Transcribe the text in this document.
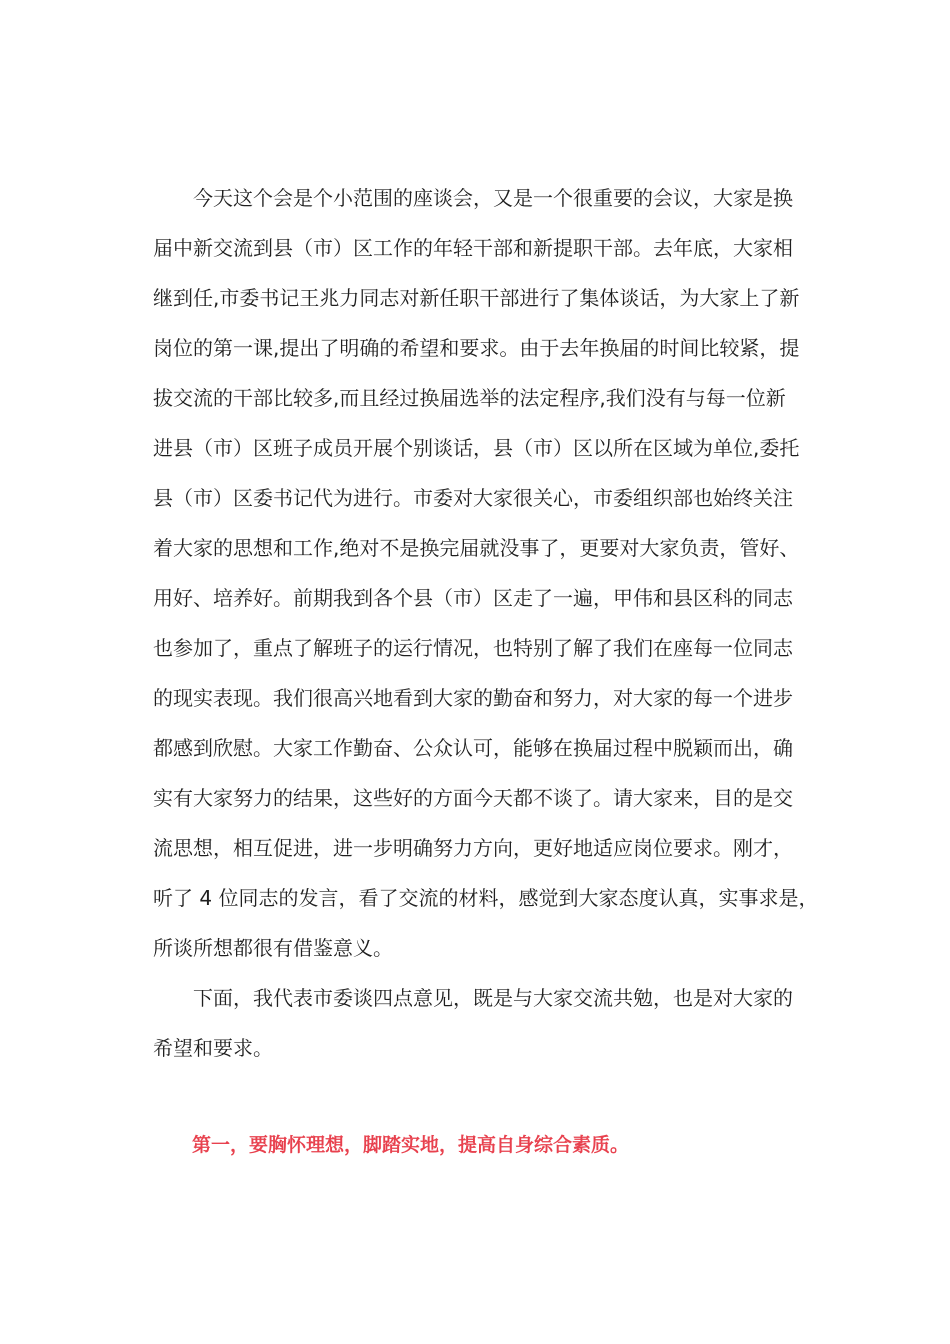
今天这个会是个小范围的座谈会，又是一个很重要的会议，大家是换
届中新交流到县（市）区工作的年轻干部和新提职干部。去年底，大家相
继到任,市委书记王兆力同志对新任职干部进行了集体谈话，为大家上了新
岗位的第一课,提出了明确的希望和要求。由于去年换届的时间比较紧，提
拔交流的干部比较多,而且经过换届选举的法定程序,我们没有与每一位新
进县（市）区班子成员开展个别谈话，县（市）区以所在区域为单位,委托
县（市）区委书记代为进行。市委对大家很关心，市委组织部也始终关注
着大家的思想和工作,绝对不是换完届就没事了，更要对大家负责，管好、
用好、培养好。前期我到各个县（市）区走了一遍，甲伟和县区科的同志
也参加了，重点了解班子的运行情况，也特别了解了我们在座每一位同志
的现实表现。我们很高兴地看到大家的勤奋和努力，对大家的每一个进步
都感到欣慰。大家工作勤奋、公众认可，能够在换届过程中脱颖而出，确
实有大家努力的结果，这些好的方面今天都不谈了。请大家来，目的是交
流思想，相互促进，进一步明确努力方向，更好地适应岗位要求。刚才，
听了 4 位同志的发言，看了交流的材料，感觉到大家态度认真，实事求是，
所谈所想都很有借鉴意义。
下面，我代表市委谈四点意见，既是与大家交流共勉，也是对大家的
希望和要求。
第一，要胸怀理想，脚踏实地，提高自身综合素质。
